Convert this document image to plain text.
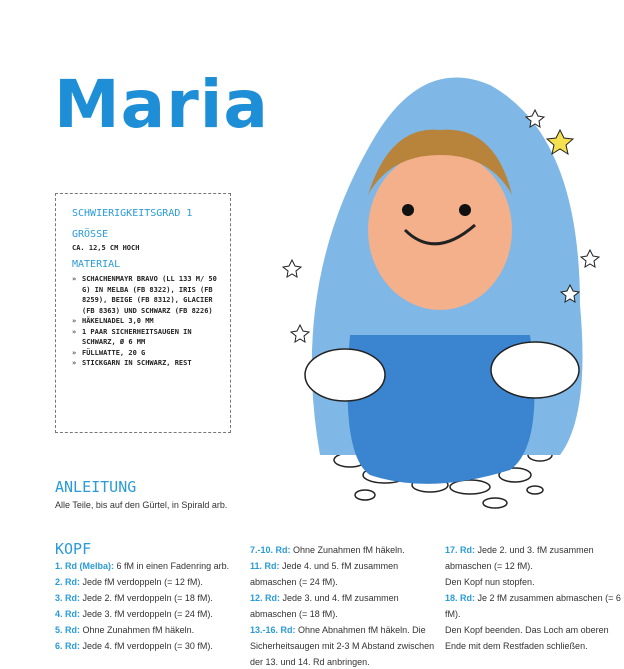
Maria
SCHWIERIGKEITSGRAD 1
GRÖSSE
CA. 12,5 CM HOCH
MATERIAL
» SCHACHENMAYR BRAVO (LL 133 M/ 50 G) IN MELBA (FB 8322), IRIS (FB 8259), BEIGE (FB 8312), GLACIER (FB 8363) UND SCHWARZ (FB 8226)
» HÄKELNADEL 3,0 MM
» 1 PAAR SICHERHEITSAUGEN IN SCHWARZ, Ø 6 MM
» FÜLLWATTE, 20 G
» STICKGARN IN SCHWARZ, REST
ANLEITUNG
Alle Teile, bis auf den Gürtel, in Spirald arb.
KOPF
1. Rd (Melba): 6 fM in einen Fadenring arb.
2. Rd: Jede fM verdoppeln (= 12 fM).
3. Rd: Jede 2. fM verdoppeln (= 18 fM).
4. Rd: Jede 3. fM verdoppeln (= 24 fM).
5. Rd: Ohne Zunahmen fM häkeln.
6. Rd: Jede 4. fM verdoppeln (= 30 fM).
7.-10. Rd: Ohne Zunahmen fM häkeln.
11. Rd: Jede 4. und 5. fM zusammen abmaschen (= 24 fM).
12. Rd: Jede 3. und 4. fM zusammen abmaschen (= 18 fM).
13.-16. Rd: Ohne Abnahmen fM häkeln. Die Sicherheitsaugen mit 2-3 M Abstand zwischen der 13. und 14. Rd anbringen.
17. Rd: Jede 2. und 3. fM zusammen abmaschen (= 12 fM).
Den Kopf nun stopfen.
18. Rd: Je 2 fM zusammen abmaschen (= 6 fM).
Den Kopf beenden. Das Loch am oberen Ende mit dem Restfaden schließen.
